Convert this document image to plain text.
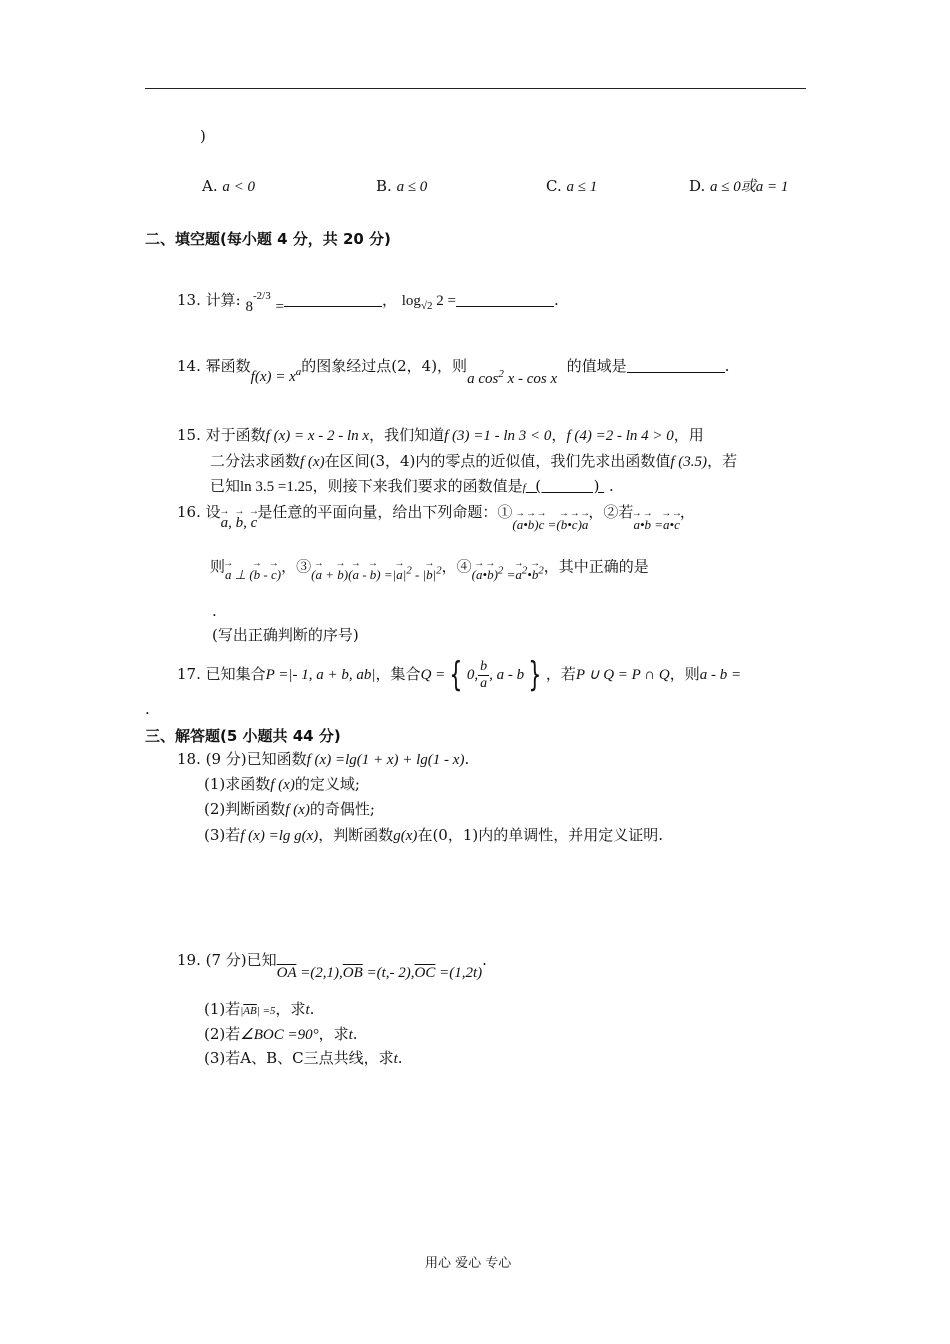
)
A. a < 0	B. a ≤ 0	C. a ≤ 1	D. a ≤ 0或a = 1
二、填空题(每小题 4 分，共 20 分)
13. 计算: $8^{-2/3}$ =	， $\log_{√2} 2$ =	.
14. 幂函数$f(x) = x^a$的图象经过点(2，4)，则a $\cos^2 x$ - cos x  的值域是	.
15. 对于函数f (x) = x - 2 - ln x，我们知道f (3) =1 - ln 3 < 0，f (4) =2 - ln 4 > 0，用
二分法求函数f (x)在区间(3，4)内的零点的近似值，我们先求出函数值f (3.5)，若
已知ln 3.5 =1.25，则接下来我们要求的函数值是f  (           )  .
16. 设→ a, → b, → c是任意的平面向量，给出下列命题：①(→ a•→ b)→ c =(→ b•→ c)→ a，②若→ a•→ b =→ a•→ c，
则→ a ⊥ (→ b - → c)，③(→ a + → b)(→ a - → b) =|→ $a|^2$ - |→ $b|^2$，④(→ a•→ $b)^2 =\to a^2•\to b^2$，其中正确的是
.
(写出正确判断的序号)
17. 已知集合P =|- 1, a + b, ab|，集合Q = { 0, $\frac{b}{a}$ , a - b } ，若P ∪ Q = P ∩ Q，则a - b =
.
三、解答题(5 小题共 44 分)
18. (9 分)已知函数f (x) =lg(1 + x) + lg(1 - x).
(1)求函数f (x)的定义域;
(2)判断函数f (x)的奇偶性;
(3)若f (x) =lg g(x)，判断函数g(x)在(0，1)内的单调性，并用定义证明.
19. (7 分)已知$\overline{OA} =(2,1),\overline{OB} =(t,-$ $2),\overline{OC} =(1,2t)$.
(1)若$|\overline{AB}| =5$，求t.
(2)若∠BOC =90°，求t.
(3)若A、B、C三点共线，求t.
用心 爱心 专心
